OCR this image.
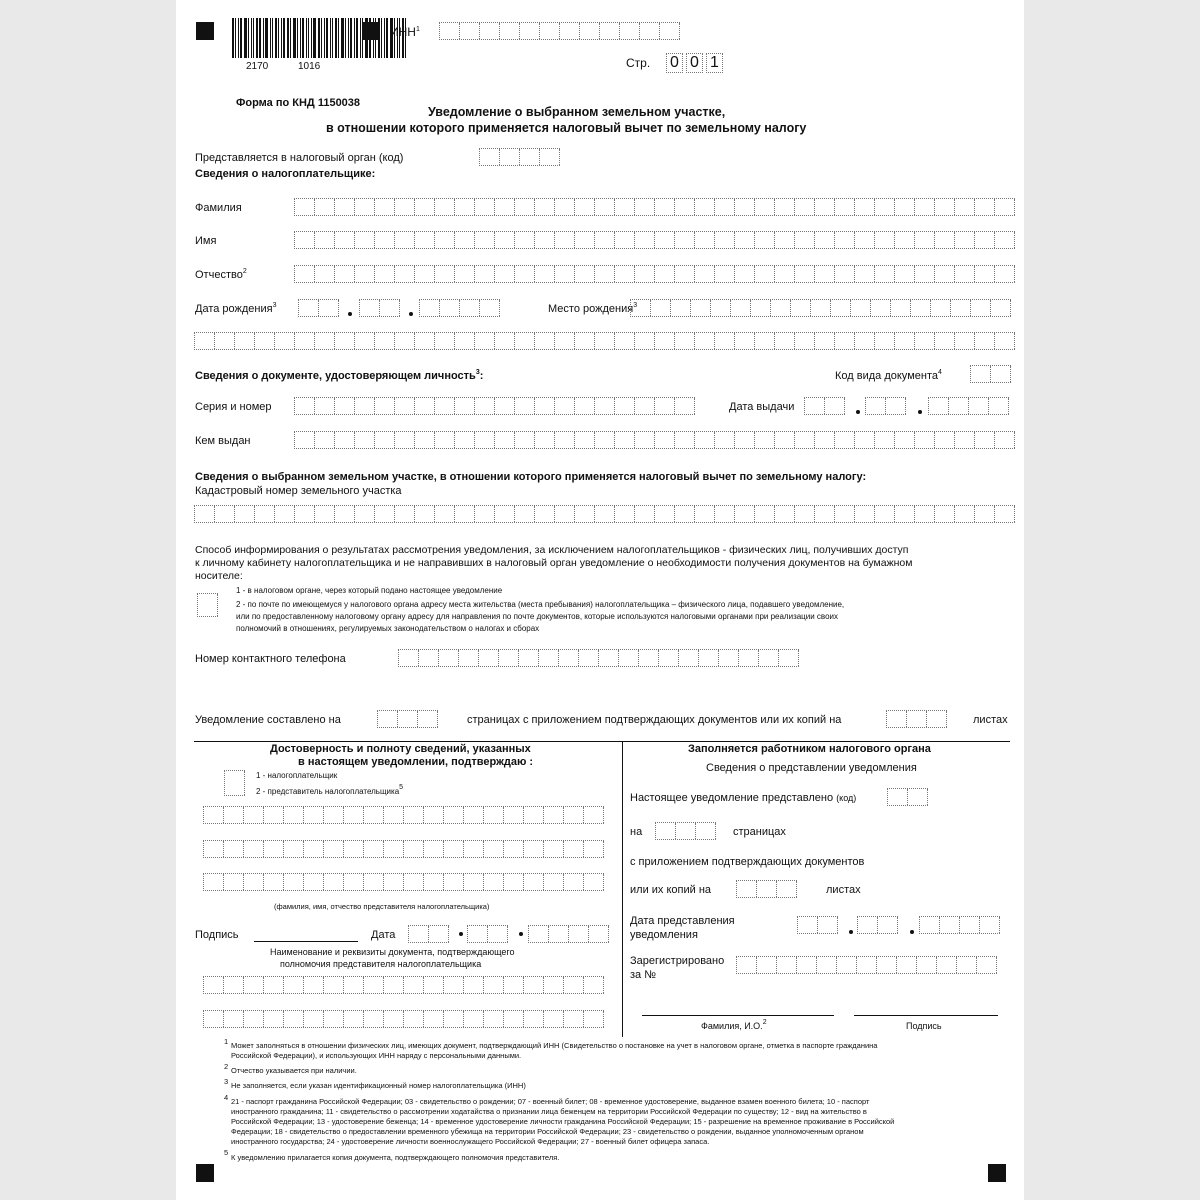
2170	1016
ИНН$^1$
Стр. 0 0 1
Форма по КНД 1150038
Уведомление о выбранном земельном участке,
в отношении которого применяется налоговый вычет по земельному налогу
Представляется в налоговый орган (код)
Сведения о налогоплательщике:
Фамилия
Имя
Отчество$^2$
Дата рождения$^3$	Место рождения$^3$
Сведения о документе, удостоверяющем личность$^3$:	Код вида документа$^4$
Серия и номер	Дата выдачи
Кем выдан
Сведения о выбранном земельном участке, в отношении которого применяется налоговый вычет по земельному налогу:
Кадастровый номер земельного участка
Способ информирования о результатах рассмотрения уведомления, за исключением налогоплательщиков - физических лиц, получивших доступ
к личному кабинету налогоплательщика и не направивших в налоговый орган уведомление о необходимости получения документов на бумажном
носителе:
1 - в налоговом органе, через который подано настоящее уведомление
2 - по почте по имеющемуся у налогового органа адресу места жительства (места пребывания) налогоплательщика – физического лица, подавшего уведомление,
или по предоставленному налоговому органу адресу для направления по почте документов, которые используются налоговыми органами при реализации своих
полномочий в отношениях, регулируемых законодательством о налогах и сборах
Номер контактного телефона
Уведомление составлено на	страницах с приложением подтверждающих документов или их копий на	листах
Достоверность и полноту сведений, указанных
в настоящем уведомлении, подтверждаю :
1 - налогоплательщик
2 - представитель налогоплательщика5
(фамилия, имя, отчество представителя налогоплательщика)
Подпись	Дата
Наименование и реквизиты документа, подтверждающего
полномочия представителя налогоплательщика
Заполняется работником налогового органа
Сведения о представлении уведомления
Настоящее уведомление представлено (код)
на	страницах
с приложением подтверждающих документов
или их копий на	листах
Дата представления
уведомления
Зарегистрировано
за №
Фамилия, И.О.$^2$	Подпись
1 Может заполняться в отношении физических лиц, имеющих документ, подтверждающий ИНН (Свидетельство о постановке на учет в налоговом органе, отметка в паспорте гражданина
Российской Федерации), и использующих ИНН наряду с персональными данными.
2 Отчество указывается при наличии.
3 Не заполняется, если указан идентификационный номер налогоплательщика (ИНН)
4 21 - паспорт гражданина Российской Федерации; 03 - свидетельство о рождении; 07 - военный билет; 08 - временное удостоверение, выданное взамен военного билета; 10 - паспорт
иностранного гражданина; 11 - свидетельство о рассмотрении ходатайства о признании лица беженцем на территории Российской Федерации по существу; 12 - вид на жительство в
Российской Федерации; 13 - удостоверение беженца; 14 - временное удостоверение личности гражданина Российской Федерации; 15 - разрешение на временное проживание в Российской
Федерации; 18 - свидетельство о предоставлении временного убежища на территории Российской Федерации; 23 - свидетельство о рождении, выданное уполномоченным органом
иностранного государства; 24 - удостоверение личности военнослужащего Российской Федерации; 27 - военный билет офицера запаса.
5
К уведомлению прилагается копия документа, подтверждающего полномочия представителя.
